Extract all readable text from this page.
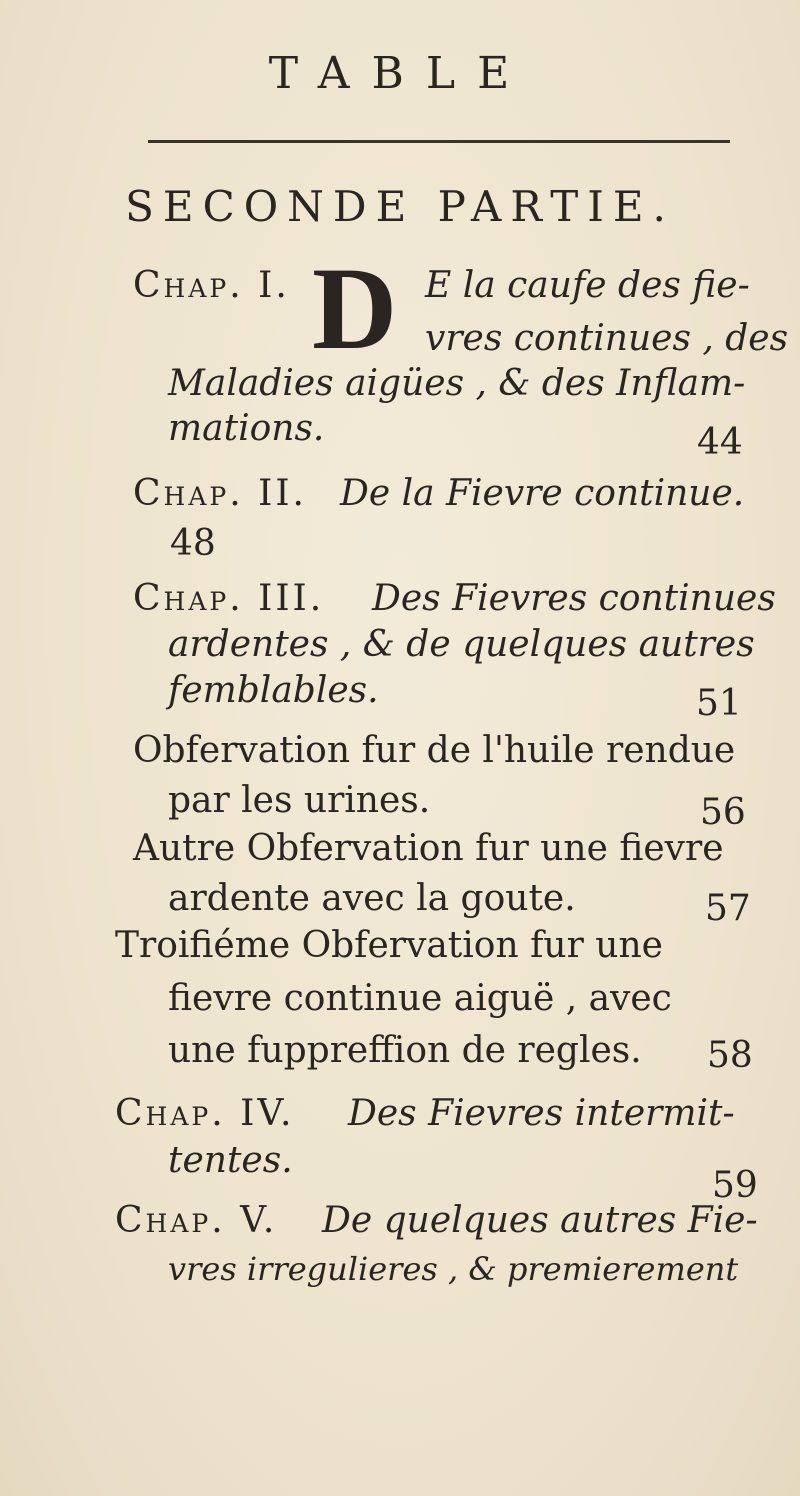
TABLE
SECONDE PARTIE.
Chap. I. D E la caufe des fie-
vres continues , des
Maladies aigües , & des Inflam-
mations.	44
Chap. II. De la Fievre continue.
48
Chap. III. Des Fievres continues
ardentes , & de quelques autres
femblables.	51
Obfervation fur de l'huile rendue
par les urines.	56
Autre Obfervation fur une fievre
ardente avec la goute.	57
Troifiéme Obfervation fur une
fievre continue aiguë , avec
une fuppreffion de regles. 58
Chap. IV. Des Fievres intermit-
tentes.
59
Chap. V. De quelques autres Fie-
vres irregulieres , & premierement
